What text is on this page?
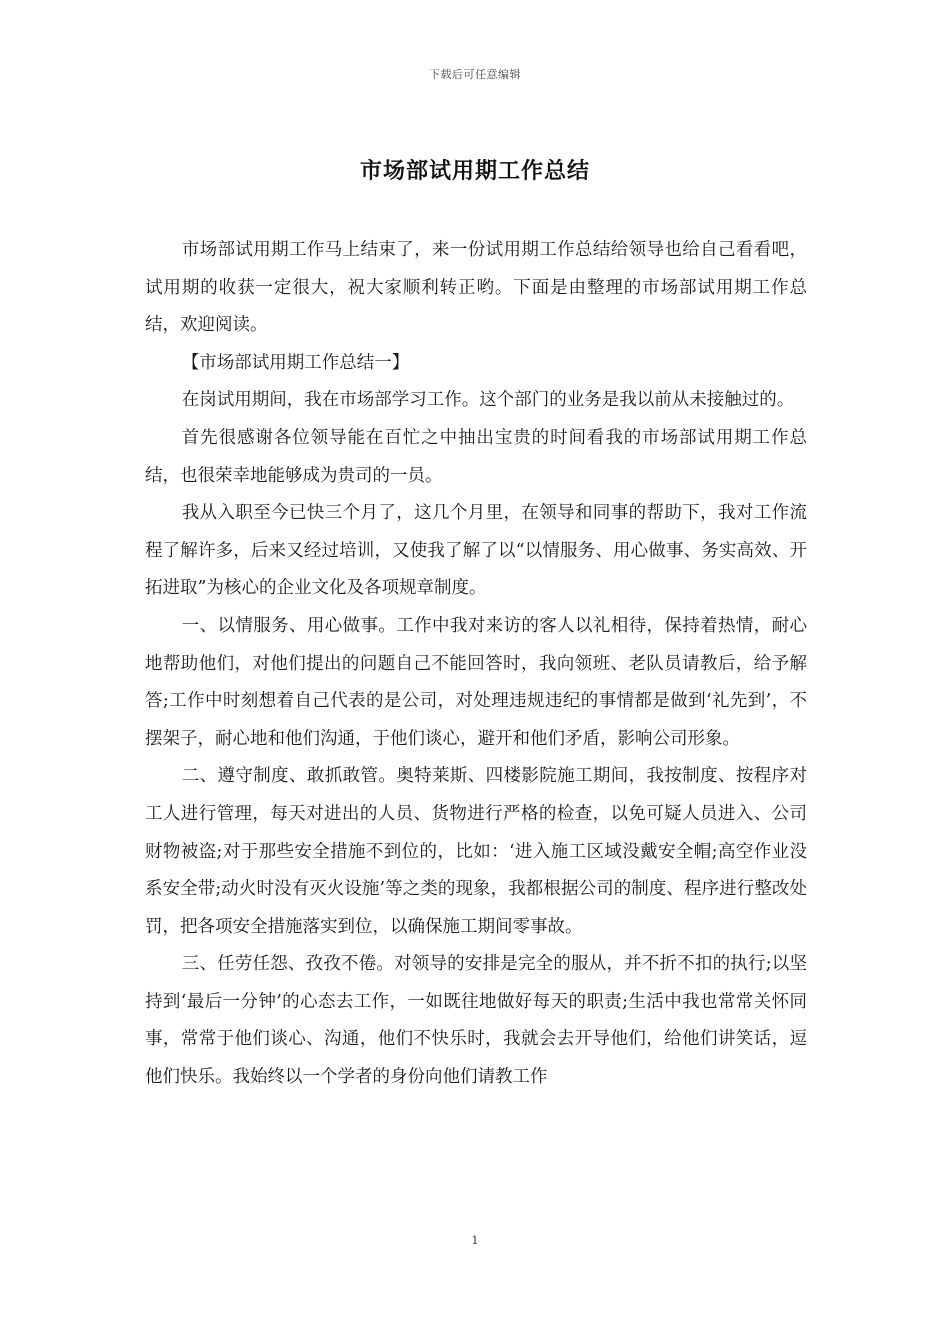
下载后可任意编辑
市场部试用期工作总结

市场部试用期工作马上结束了，来一份试用期工作总结给领导也给自己看看吧，试用期的收获一定很大，祝大家顺利转正哟。下面是由整理的市场部试用期工作总结，欢迎阅读。

【市场部试用期工作总结一】

在岗试用期间，我在市场部学习工作。这个部门的业务是我以前从未接触过的。

首先很感谢各位领导能在百忙之中抽出宝贵的时间看我的市场部试用期工作总结，也很荣幸地能够成为贵司的一员。

我从入职至今已快三个月了，这几个月里，在领导和同事的帮助下，我对工作流程了解许多，后来又经过培训，又使我了解了以“以情服务、用心做事、务实高效、开拓进取”为核心的企业文化及各项规章制度。

一、以情服务、用心做事。工作中我对来访的客人以礼相待，保持着热情，耐心地帮助他们，对他们提出的问题自己不能回答时，我向领班、老队员请教后，给予解答;工作中时刻想着自己代表的是公司，对处理违规违纪的事情都是做到‘礼先到’，不摆架子，耐心地和他们沟通，于他们谈心，避开和他们矛盾，影响公司形象。

二、遵守制度、敢抓敢管。奥特莱斯、四楼影院施工期间，我按制度、按程序对工人进行管理，每天对进出的人员、货物进行严格的检查，以免可疑人员进入、公司财物被盗;对于那些安全措施不到位的，比如：‘进入施工区域没戴安全帽;高空作业没系安全带;动火时没有灭火设施’等之类的现象，我都根据公司的制度、程序进行整改处罚，把各项安全措施落实到位，以确保施工期间零事故。

三、任劳任怨、孜孜不倦。对领导的安排是完全的服从，并不折不扣的执行;以坚持到‘最后一分钟’的心态去工作，一如既往地做好每天的职责;生活中我也常常关怀同事，常常于他们谈心、沟通，他们不快乐时，我就会去开导他们，给他们讲笑话，逗他们快乐。我始终以一个学者的身份向他们请教工作

1
